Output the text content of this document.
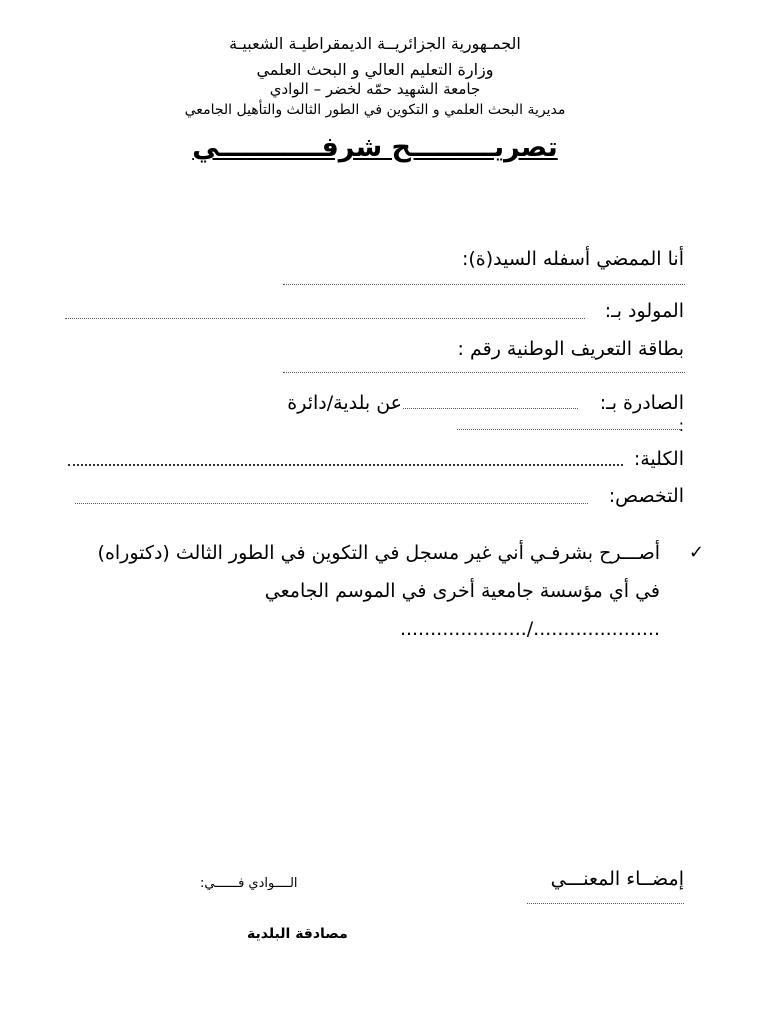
الجمـهورية الجزائريــة الديمقراطيـة الشعبيـة

وزارة التعليم العالي و البحث العلمي

جامعة الشهيد حمّه لخضر – الوادي

مديرية البحث العلمي و التكوين في الطور الثالث والتأهيل الجامعي

تصريـــــــــح شرفـــــــــــي

أنا الممضي أسفله السيد(ة):
المولود بـ:
بطاقة التعريف الوطنية رقم :
الصادرة بـ:
عن بلدية/دائرة
:
الكلية:
التخصص:
✓
أصـــرح بشرفـي أني غير مسجل في التكوين في الطور الثالث (دكتوراه) في أي مؤسسة جامعية أخرى في الموسم الجامعي ...................../.....................
إمضــاء المعنـــي
الــــوادي فــــــي:
مصادقة البلدية
